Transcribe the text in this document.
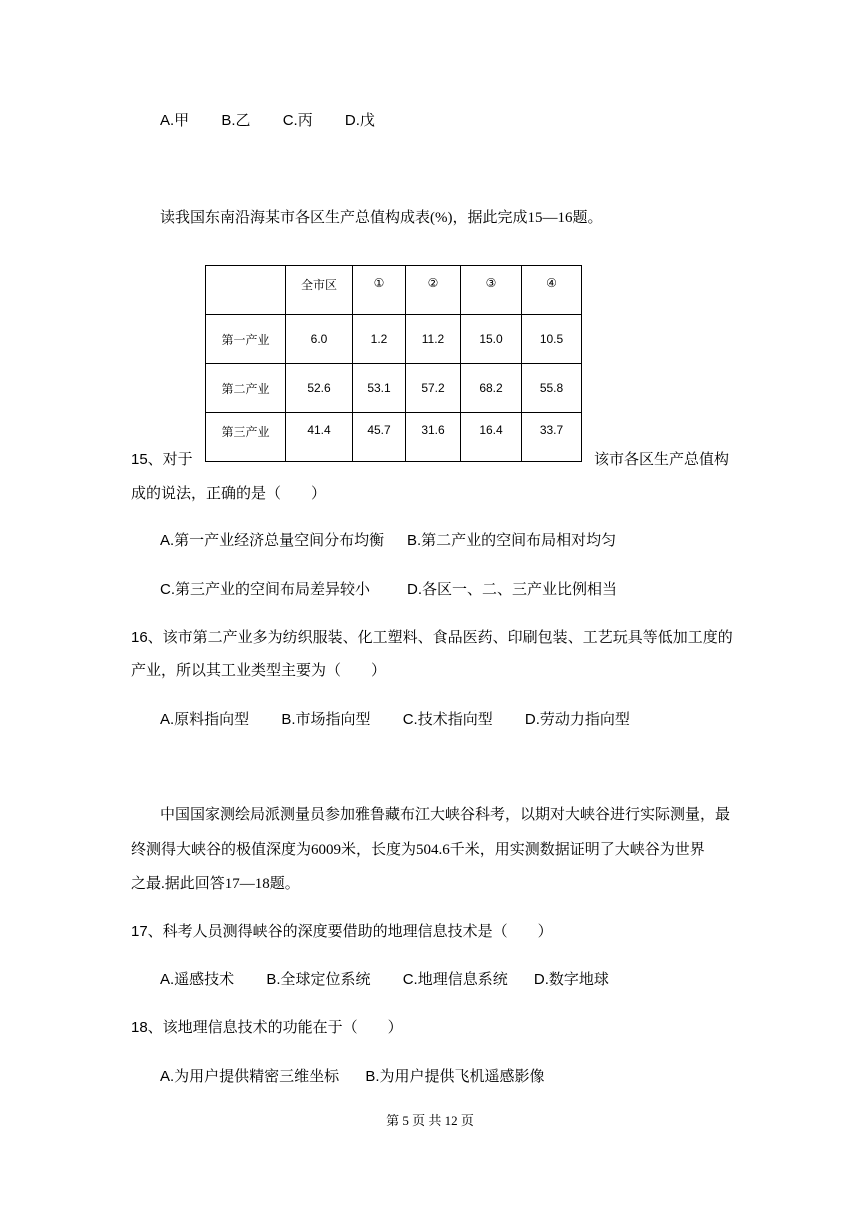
A.甲 B.乙 C.丙 D.戊
读我国东南沿海某市各区生产总值构成表(%)，据此完成15—16题。
	全市区	①	②	③	④
第一产业	6.0	1.2	11.2	15.0	10.5
第二产业	52.6	53.1	57.2	68.2	55.8
第三产业	41.4	45.7	31.6	16.4	33.7
15、对于	该市各区生产总值构
成的说法，正确的是（　　）
A.第一产业经济总量空间分布均衡 B.第二产业的空间布局相对均匀
C.第三产业的空间布局差异较小 D.各区一、二、三产业比例相当
16、该市第二产业多为纺织服装、化工塑料、食品医药、印刷包装、工艺玩具等低加工度的
产业，所以其工业类型主要为（　　）
A.原料指向型 B.市场指向型 C.技术指向型 D.劳动力指向型
中国国家测绘局派测量员参加雅鲁藏布江大峡谷科考，以期对大峡谷进行实际测量，最
终测得大峡谷的极值深度为6009米，长度为504.6千米，用实测数据证明了大峡谷为世界
之最.据此回答17—18题。
17、科考人员测得峡谷的深度要借助的地理信息技术是（　　）
A.遥感技术 B.全球定位系统 C.地理信息系统 D.数字地球
18、该地理信息技术的功能在于（　　）
A.为用户提供精密三维坐标 B.为用户提供飞机遥感影像
第 5 页 共 12 页
